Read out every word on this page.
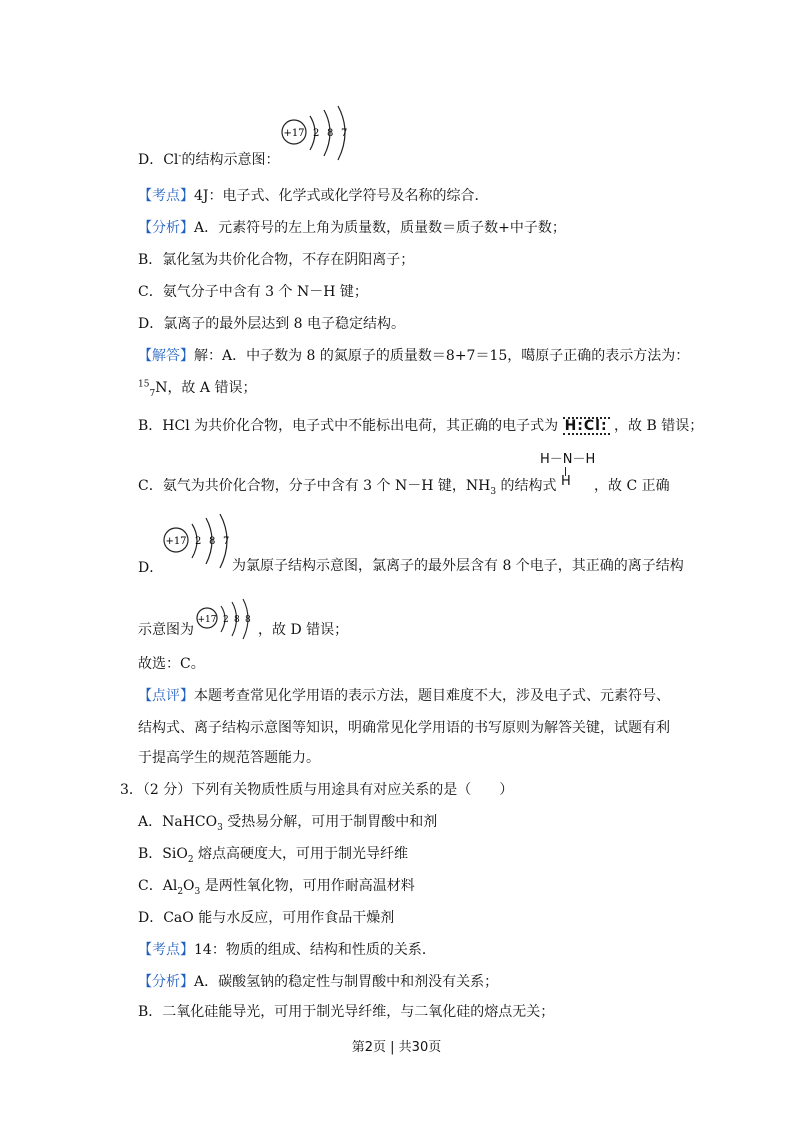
+17 2 8 7
D．Cl-的结构示意图：
【考点】4J：电子式、化学式或化学符号及名称的综合．
【分析】A．元素符号的左上角为质量数，质量数＝质子数+中子数；
B．氯化氢为共价化合物，不存在阴阳离子；
C．氨气分子中含有 3 个 N－H 键；
D．氯离子的最外层达到 8 电子稳定结构。
【解答】解：A．中子数为 8 的氮原子的质量数＝8+7＝15，噶原子正确的表示方法为：
$^{15}_7$N，故 A 错误；
B．HCl 为共价化合物，电子式中不能标出电荷，其正确的电子式为 H:Cl: ，故 B 错误；
H－N－H
H
C．氨气为共价化合物，分子中含有 3 个 N－H 键，$NH_3$ 的结构式	，故 C 正确
+17 2 8 7
D．	为氯原子结构示意图，氯离子的最外层含有 8 个电子，其正确的离子结构
示意图为
+17 2 8 8
，故 D 错误；
故选：C。
【点评】本题考查常见化学用语的表示方法，题目难度不大，涉及电子式、元素符号、
结构式、离子结构示意图等知识，明确常见化学用语的书写原则为解答关键，试题有利
于提高学生的规范答题能力。
3．（2 分）下列有关物质性质与用途具有对应关系的是（　　）
A．NaHCO$_3$ 受热易分解，可用于制胃酸中和剂
B．SiO$_2$ 熔点高硬度大，可用于制光导纤维
C．$Al_2O_3$ 是两性氧化物，可用作耐高温材料
D．CaO 能与水反应，可用作食品干燥剂
【考点】14：物质的组成、结构和性质的关系．
【分析】A．碳酸氢钠的稳定性与制胃酸中和剂没有关系；
B．二氧化硅能导光，可用于制光导纤维，与二氧化硅的熔点无关；
第2页 | 共30页
